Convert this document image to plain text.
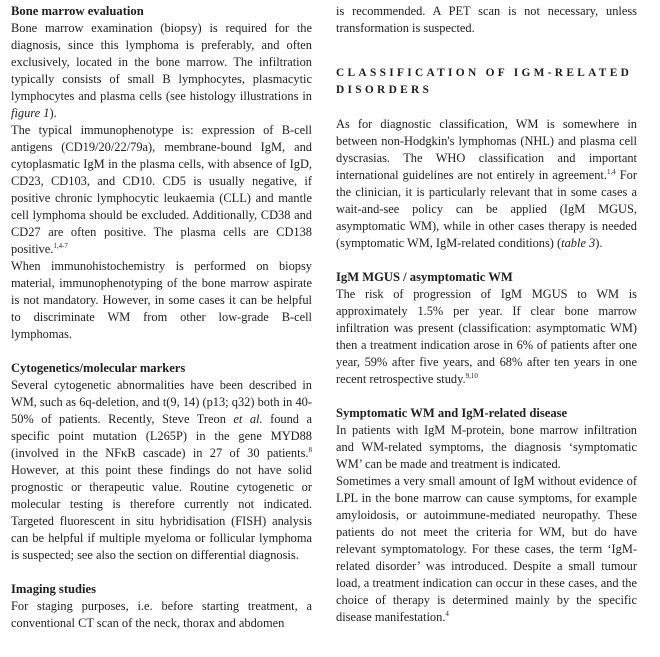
Bone marrow evaluation

Bone marrow examination (biopsy) is required for the diagnosis, since this lymphoma is preferably, and often exclusively, located in the bone marrow. The infiltration typically consists of small B lymphocytes, plasmacytic lymphocytes and plasma cells (see histology illustrations in figure 1).

The typical immunophenotype is: expression of B-cell antigens (CD19/20/22/79a), membrane-bound IgM, and cytoplasmatic IgM in the plasma cells, with absence of IgD, CD23, CD103, and CD10. CD5 is usually negative, if positive chronic lymphocytic leukaemia (CLL) and mantle cell lymphoma should be excluded. Additionally, CD38 and CD27 are often positive. The plasma cells are CD138 positive.$^{1,4-7}$

When immunohistochemistry is performed on biopsy material, immunophenotyping of the bone marrow aspirate is not mandatory. However, in some cases it can be helpful to discriminate WM from other low-grade B-cell lymphomas.

Cytogenetics/molecular markers

Several cytogenetic abnormalities have been described in WM, such as 6q-deletion, and t(9, 14) (p13; q32) both in 40-50% of patients. Recently, Steve Treon et al. found a specific point mutation (L265P) in the gene MYD88 (involved in the NFκB cascade) in 27 of 30 patients.$^8$ However, at this point these findings do not have solid prognostic or therapeutic value. Routine cytogenetic or molecular testing is therefore currently not indicated. Targeted fluorescent in situ hybridisation (FISH) analysis can be helpful if multiple myeloma or follicular lymphoma is suspected; see also the section on differential diagnosis.

Imaging studies

For staging purposes, i.e. before starting treatment, a conventional CT scan of the neck, thorax and abdomen

is recommended. A PET scan is not necessary, unless transformation is suspected.

CLASSIFICATION OF IGM-RELATED DISORDERS

As for diagnostic classification, WM is somewhere in between non-Hodgkin's lymphomas (NHL) and plasma cell dyscrasias. The WHO classification and important international guidelines are not entirely in agreement.$^{1,4}$ For the clinician, it is particularly relevant that in some cases a wait-and-see policy can be applied (IgM MGUS, asymptomatic WM), while in other cases therapy is needed (symptomatic WM, IgM-related conditions) (table 3).

IgM MGUS / asymptomatic WM

The risk of progression of IgM MGUS to WM is approximately 1.5% per year. If clear bone marrow infiltration was present (classification: asymptomatic WM) then a treatment indication arose in 6% of patients after one year, 59% after five years, and 68% after ten years in one recent retrospective study.$^{9,10}$

Symptomatic WM and IgM-related disease

In patients with IgM M-protein, bone marrow infiltration and WM-related symptoms, the diagnosis ‘symptomatic WM’ can be made and treatment is indicated.

Sometimes a very small amount of IgM without evidence of LPL in the bone marrow can cause symptoms, for example amyloidosis, or autoimmune-mediated neuropathy. These patients do not meet the criteria for WM, but do have relevant symptomatology. For these cases, the term ‘IgM-related disorder’ was introduced. Despite a small tumour load, a treatment indication can occur in these cases, and the choice of therapy is determined mainly by the specific disease manifestation.$^4$
